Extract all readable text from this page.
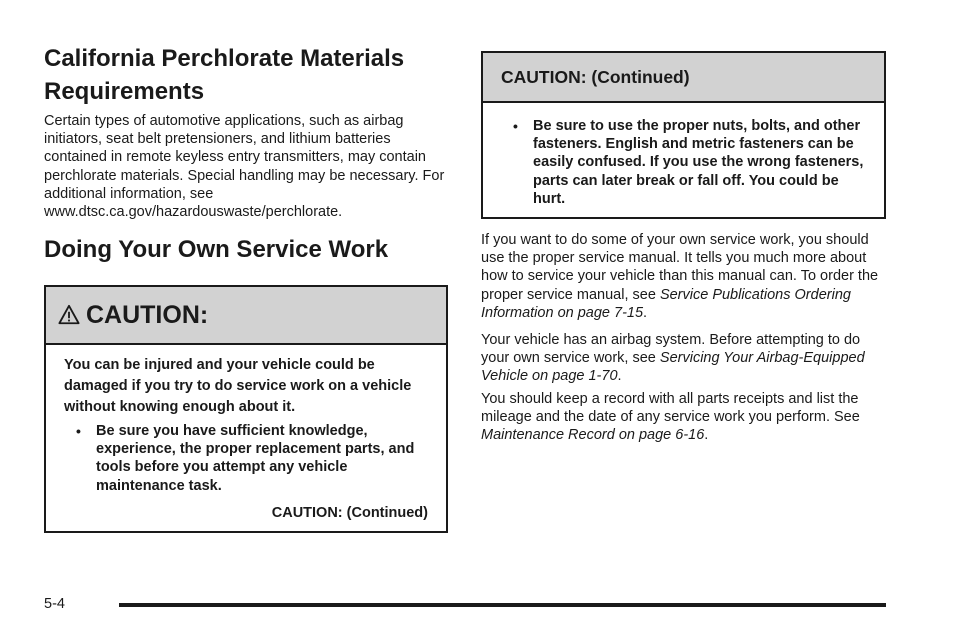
California Perchlorate Materials Requirements

Certain types of automotive applications, such as airbag initiators, seat belt pretensioners, and lithium batteries contained in remote keyless entry transmitters, may contain perchlorate materials. Special handling may be necessary. For additional information, see www.dtsc.ca.gov/hazardouswaste/perchlorate.

Doing Your Own Service Work
CAUTION:

You can be injured and your vehicle could be damaged if you try to do service work on a vehicle without knowing enough about it.

• Be sure you have sufficient knowledge, experience, the proper replacement parts, and tools before you attempt any vehicle maintenance task.

CAUTION: (Continued)

CAUTION: (Continued)
• Be sure to use the proper nuts, bolts, and other fasteners. English and metric fasteners can be easily confused. If you use the wrong fasteners, parts can later break or fall off. You could be hurt.

If you want to do some of your own service work, you should use the proper service manual. It tells you much more about how to service your vehicle than this manual can. To order the proper service manual, see Service Publications Ordering Information on page 7-15.

Your vehicle has an airbag system. Before attempting to do your own service work, see Servicing Your Airbag-Equipped Vehicle on page 1-70.

You should keep a record with all parts receipts and list the mileage and the date of any service work you perform. See Maintenance Record on page 6-16.

5-4
